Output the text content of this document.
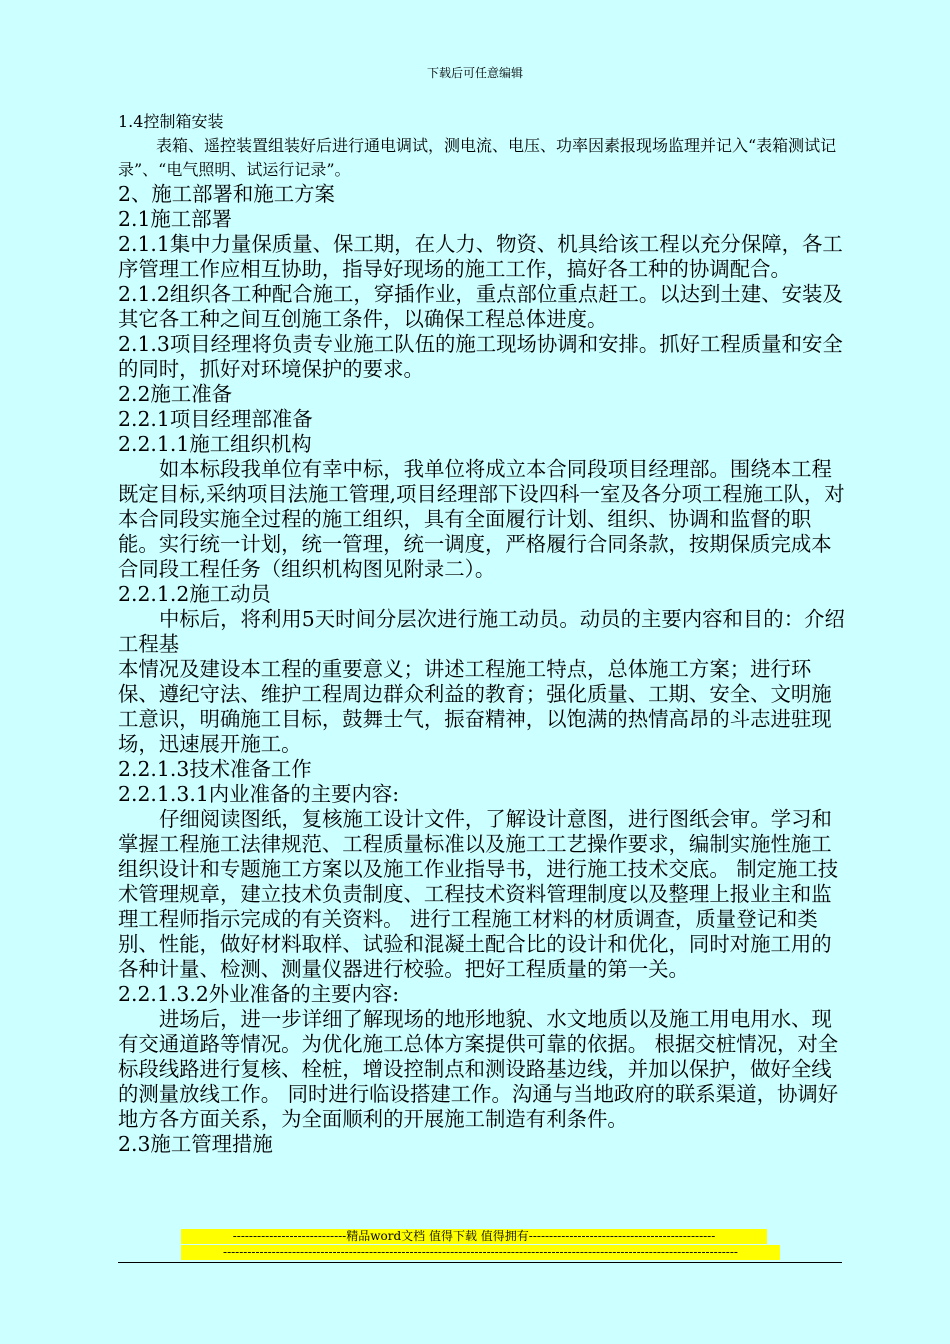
下载后可任意编辑

1.4控制箱安装

表箱、遥控装置组装好后进行通电调试，测电流、电压、功率因素报现场监理并记入“表箱测试记录”、“电气照明、试运行记录”。

2、施工部署和施工方案

2.1施工部署

2.1.1集中力量保质量、保工期，在人力、物资、机具给该工程以充分保障，各工序管理工作应相互协助，指导好现场的施工工作，搞好各工种的协调配合。

2.1.2组织各工种配合施工，穿插作业，重点部位重点赶工。以达到土建、安装及其它各工种之间互创施工条件，以确保工程总体进度。

2.1.3项目经理将负责专业施工队伍的施工现场协调和安排。抓好工程质量和安全的同时，抓好对环境保护的要求。

2.2施工准备

2.2.1项目经理部准备

2.2.1.1施工组织机构

如本标段我单位有幸中标，我单位将成立本合同段项目经理部。围绕本工程既定目标,采纳项目法施工管理,项目经理部下设四科一室及各分项工程施工队，对本合同段实施全过程的施工组织，具有全面履行计划、组织、协调和监督的职能。实行统一计划，统一管理，统一调度，严格履行合同条款，按期保质完成本合同段工程任务（组织机构图见附录二）。

2.2.1.2施工动员

中标后，将利用5天时间分层次进行施工动员。动员的主要内容和目的：介绍工程基

本情况及建设本工程的重要意义；讲述工程施工特点，总体施工方案；进行环保、遵纪守法、维护工程周边群众利益的教育；强化质量、工期、安全、文明施工意识，明确施工目标，鼓舞士气，振奋精神，以饱满的热情高昂的斗志进驻现场，迅速展开施工。

2.2.1.3技术准备工作

2.2.1.3.1内业准备的主要内容:

仔细阅读图纸，复核施工设计文件，了解设计意图，进行图纸会审。学习和掌握工程施工法律规范、工程质量标准以及施工工艺操作要求，编制实施性施工组织设计和专题施工方案以及施工作业指导书，进行施工技术交底。 制定施工技术管理规章，建立技术负责制度、工程技术资料管理制度以及整理上报业主和监理工程师指示完成的有关资料。 进行工程施工材料的材质调查，质量登记和类别、性能，做好材料取样、试验和混凝土配合比的设计和优化，同时对施工用的各种计量、检测、测量仪器进行校验。把好工程质量的第一关。

2.2.1.3.2外业准备的主要内容:

进场后，进一步详细了解现场的地形地貌、水文地质以及施工用电用水、现有交通道路等情况。为优化施工总体方案提供可靠的依据。 根据交桩情况，对全标段线路进行复核、栓桩，增设控制点和测设路基边线，并加以保护，做好全线的测量放线工作。 同时进行临设搭建工作。沟通与当地政府的联系渠道，协调好地方各方面关系，为全面顺利的开展施工制造有利条件。

2.3施工管理措施

----------------------------精品word文档 值得下载 值得拥有----------------------------------------------
-------------------------------------------------------------------------------------------------------------------------------
